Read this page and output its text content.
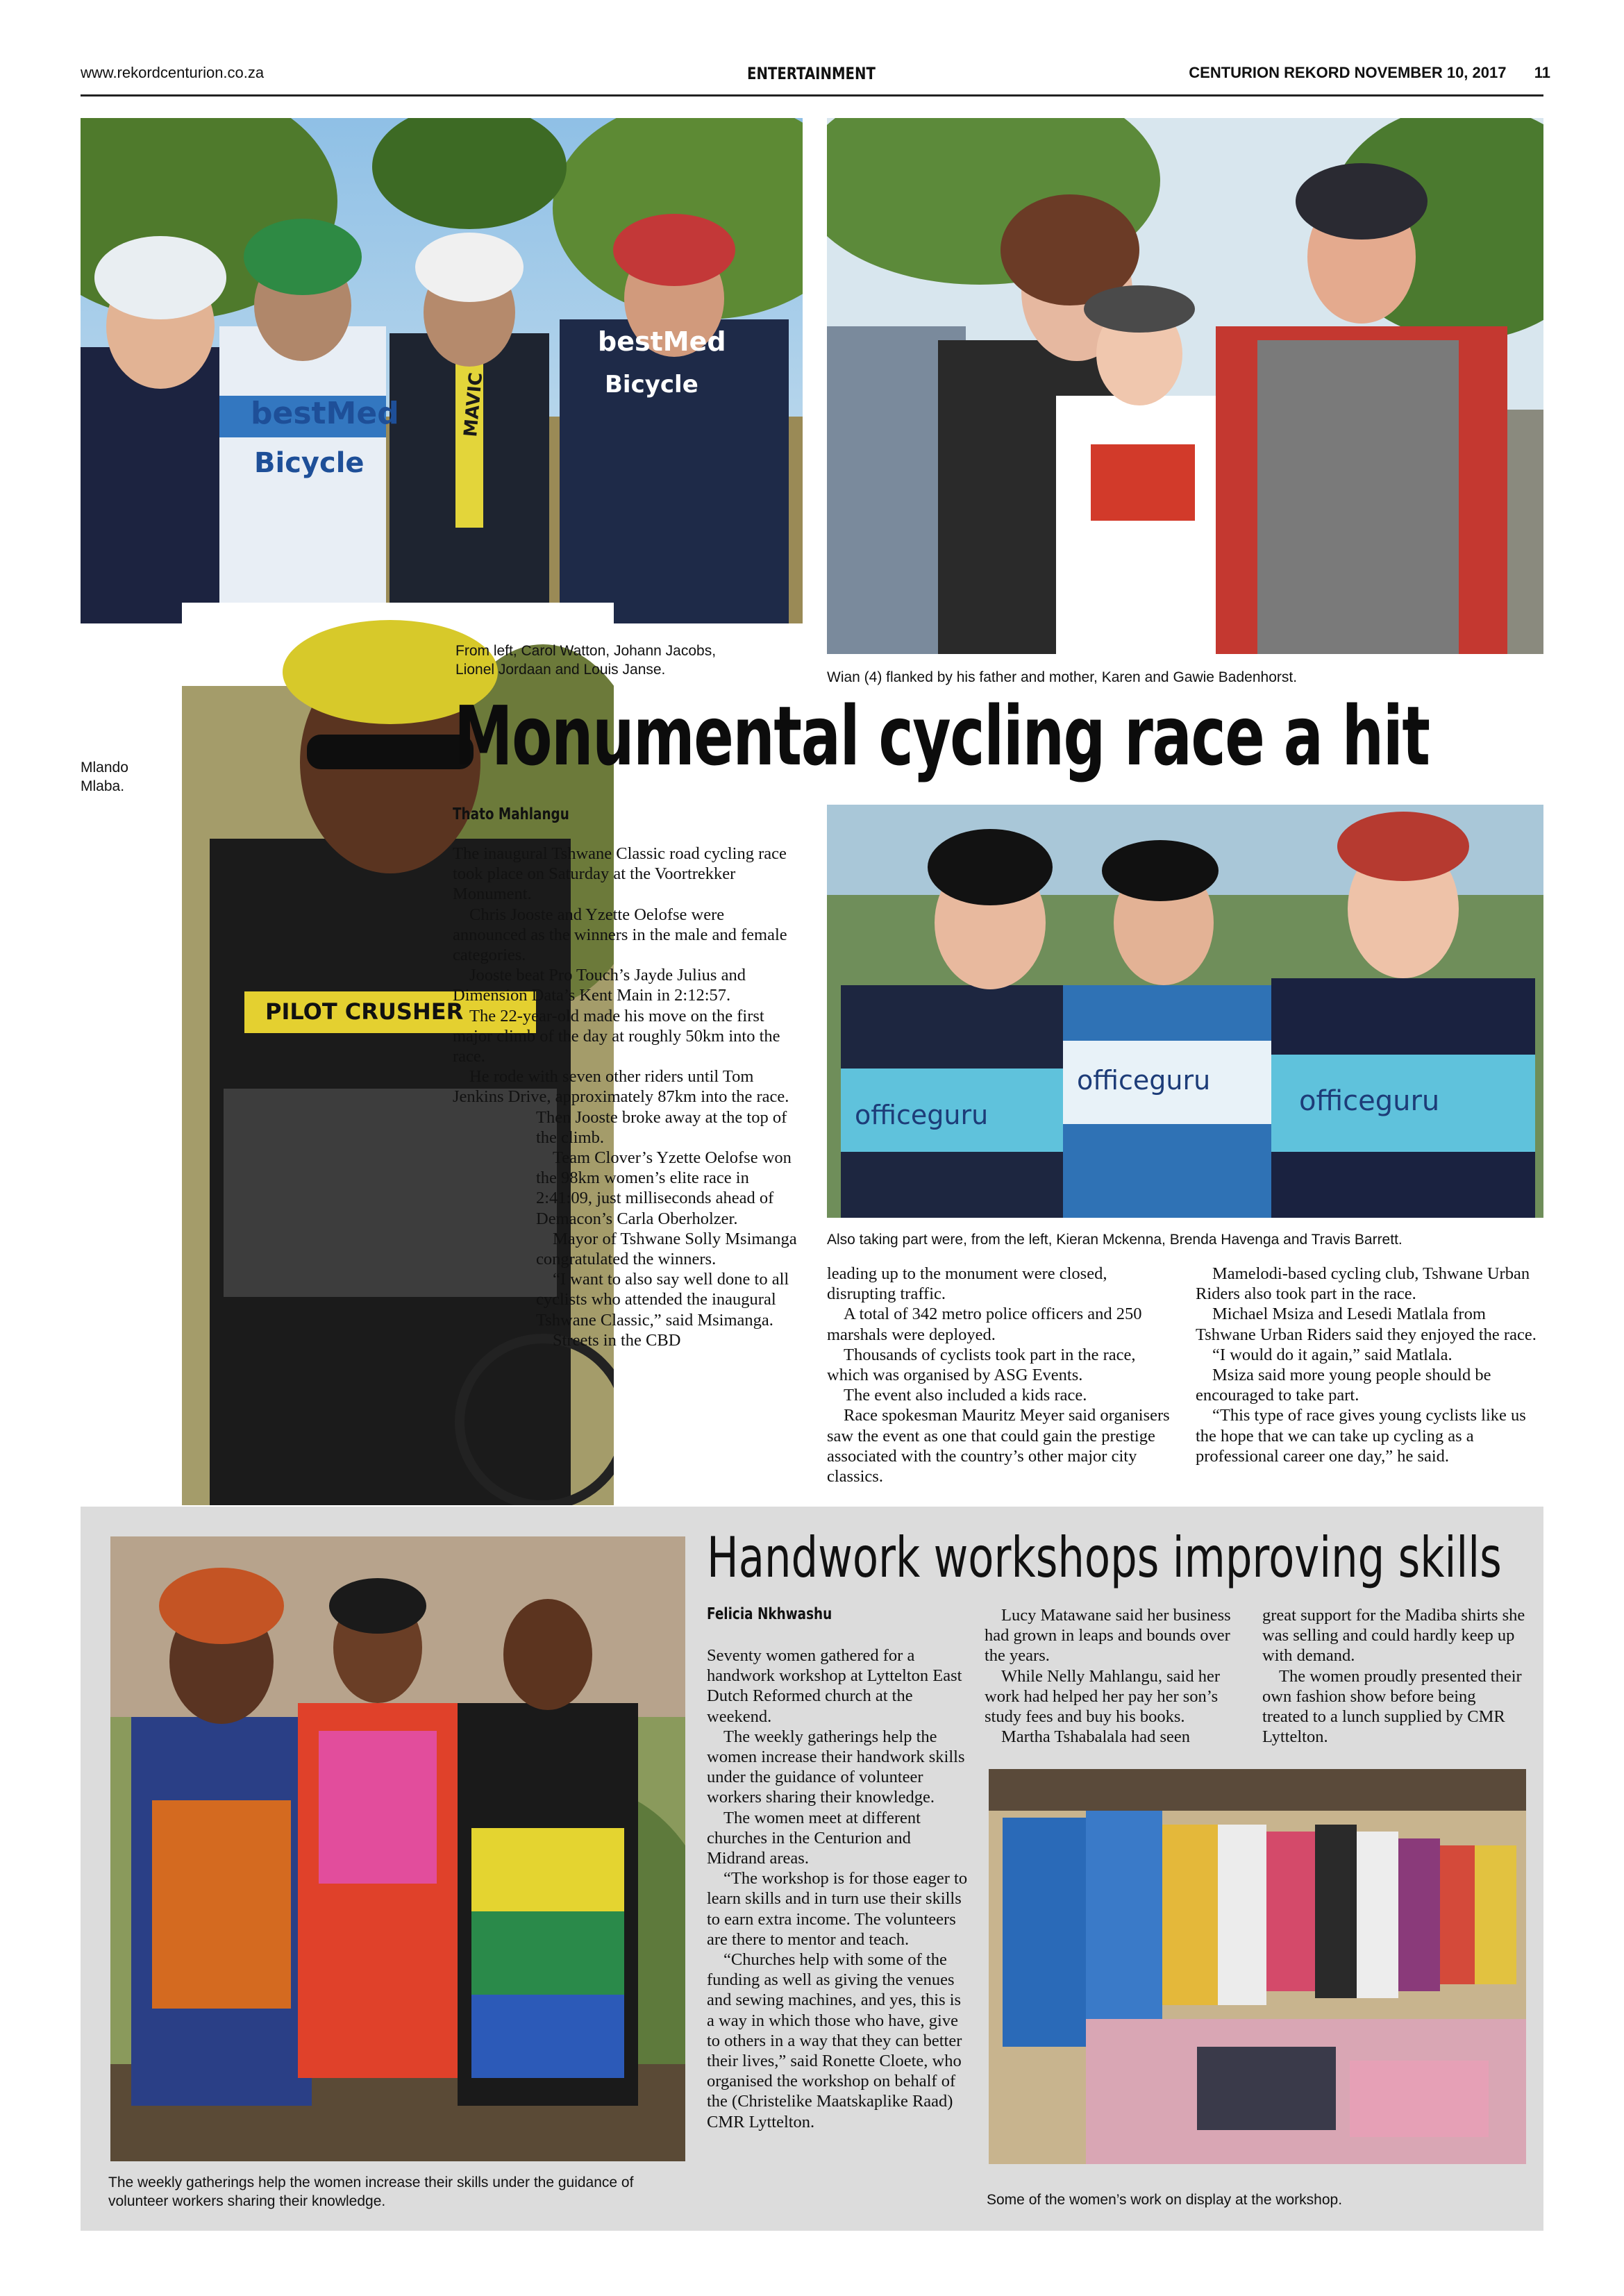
www.rekordcenturion.co.za	ENTERTAINMENT	CENTURION REKORD NOVEMBER 10, 2017 11
bestMed
Bicycle
bestMed
Bicycle
MAVIC
PILOT CRUSHER
officeguru
officeguru
officeguru
From left, Carol Watton, Johann Jacobs, Lionel Jordaan and Louis Janse.	Wian (4) flanked by his father and mother, Karen and Gawie Badenhorst.
Mlando Mlaba.
Also taking part were, from the left, Kieran Mckenna, Brenda Havenga and Travis Barrett.
Monumental cycling race a hit
Thato Mahlangu

The inaugural Tshwane Classic road cycling race took place on Saturday at the Voortrekker Monument.

Chris Jooste and Yzette Oelofse were announced as the winners in the male and female categories.

Jooste beat Pro Touch’s Jayde Julius and Dimension Data’s Kent Main in 2:12:57.

The 22-year-old made his move on the first major climb of the day at roughly 50km into the race.

He rode with seven other riders until Tom Jenkins Drive, approximately 87km into the race. Then Jooste broke away at the top of the climb.

Team Clover’s Yzette Oelofse won the 98km women’s elite race in 2:41:09, just milliseconds ahead of Demacon’s Carla Oberholzer.

Mayor of Tshwane Solly Msimanga congratulated the winners.

“I want to also say well done to all cyclists who attended the inaugural Tshwane Classic,” said Msimanga.

Streets in the CBD

leading up to the monument were closed, disrupting traffic.

A total of 342 metro police officers and 250 marshals were deployed.

Thousands of cyclists took part in the race, which was organised by ASG Events.

The event also included a kids race.

Race spokesman Mauritz Meyer said organisers saw the event as one that could gain the prestige associated with the country’s other major city classics.

Mamelodi-based cycling club, Tshwane Urban Riders also took part in the race.

Michael Msiza and Lesedi Matlala from Tshwane Urban Riders said they enjoyed the race.

“I would do it again,” said Matlala.

Msiza said more young people should be encouraged to take part.

“This type of race gives young cyclists like us the hope that we can take up cycling as a professional career one day,” he said.

Handwork workshops improving skills
Felicia Nkhwashu

Seventy women gathered for a handwork workshop at Lyttelton East Dutch Reformed church at the weekend.

The weekly gatherings help the women increase their handwork skills under the guidance of volunteer workers sharing their knowledge.

The women meet at different churches in the Centurion and Midrand areas.

“The workshop is for those eager to learn skills and in turn use their skills to earn extra income. The volunteers are there to mentor and teach.

“Churches help with some of the funding as well as giving the venues and sewing machines, and yes, this is a way in which those who have, give to others in a way that they can better their lives,” said Ronette Cloete, who organised the workshop on behalf of the (Christelike Maatskaplike Raad) CMR Lyttelton.

Lucy Matawane said her business had grown in leaps and bounds over the years.

While Nelly Mahlangu, said her work had helped her pay her son’s study fees and buy his books.

Martha Tshabalala had seen

great support for the Madiba shirts she was selling and could hardly keep up with demand.

The women proudly presented their own fashion show before being treated to a lunch supplied by CMR Lyttelton.

The weekly gatherings help the women increase their skills under the guidance of volunteer workers sharing their knowledge.	Some of the women’s work on display at the workshop.
